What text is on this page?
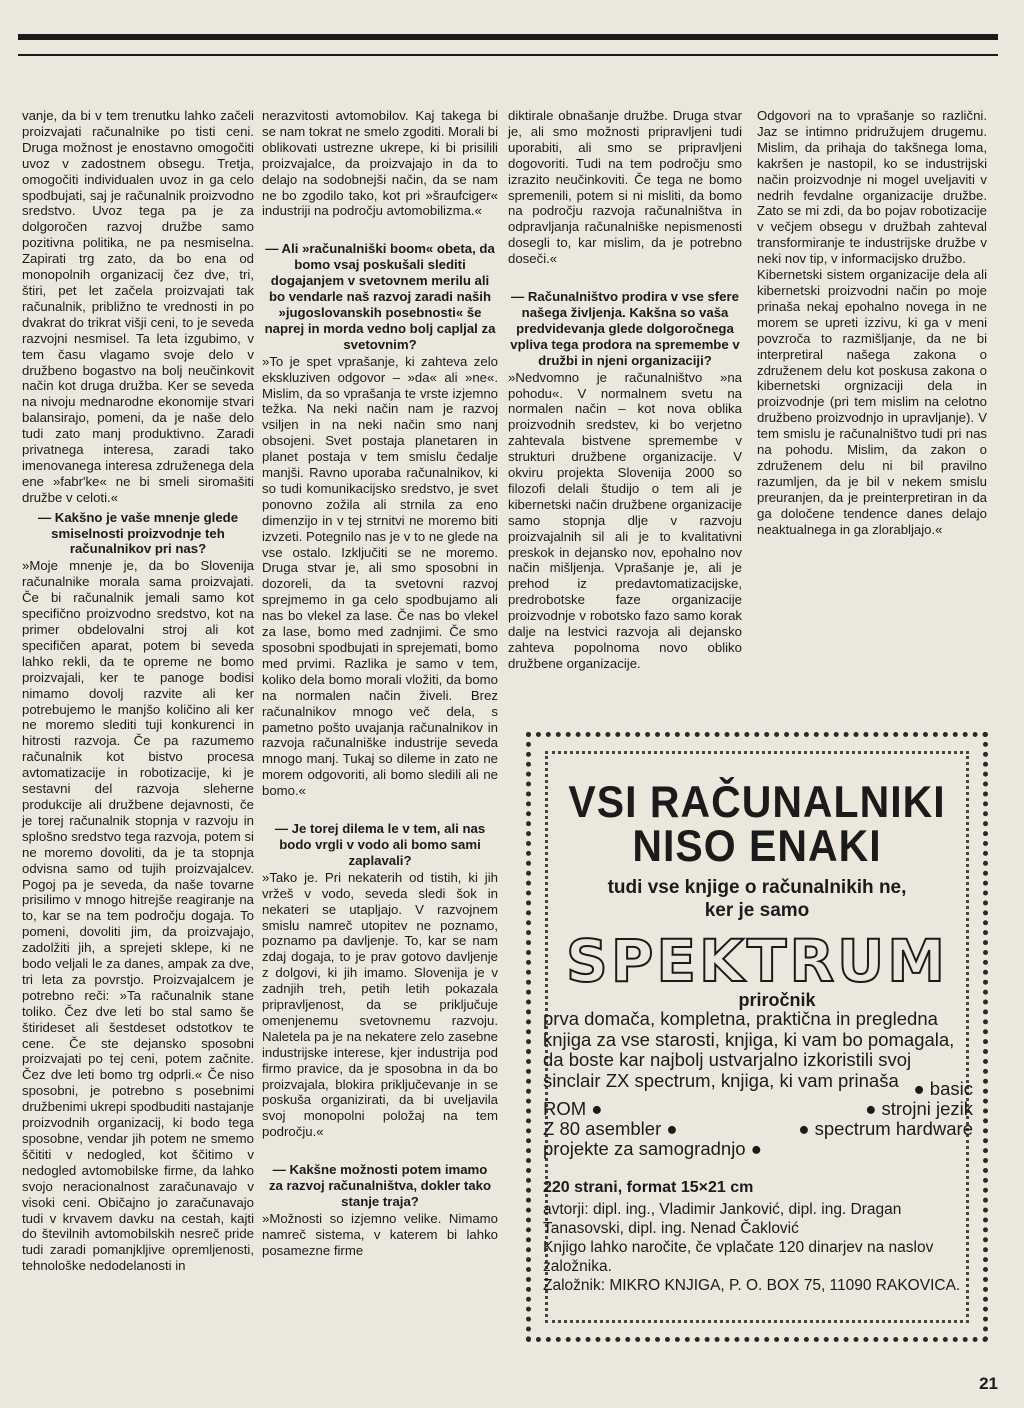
vanje, da bi v tem trenutku lahko začeli proizvajati računalnike po tisti ceni. Druga možnost je enostavno omogočiti uvoz v zadostnem obsegu. Tretja, omogočiti individualen uvoz in ga celo spodbujati, saj je računalnik proizvodno sredstvo. Uvoz tega pa je za dolgoročen razvoj družbe samo pozitivna politika, ne pa nesmiselna. Zapirati trg zato, da bo ena od monopolnih organizacij čez dve, tri, štiri, pet let začela proizvajati tak računalnik, približno te vrednosti in po dvakrat do trikrat višji ceni, to je seveda razvojni nesmisel. Ta leta izgubimo, v tem času vlagamo svoje delo v družbeno bogastvo na bolj neučinkovit način kot druga družba. Ker se seveda na nivoju mednarodne ekonomije stvari balansirajo, pomeni, da je naše delo tudi zato manj produktivno. Zaradi privatnega interesa, zaradi tako imenovanega interesa združenega dela ene »fabr'ke« ne bi smeli siromašiti družbe v celoti.«

— Kakšno je vaše mnenje glede smiselnosti proizvodnje teh računalnikov pri nas?

»Moje mnenje je, da bo Slovenija računalnike morala sama proizvajati. Če bi računalnik jemali samo kot specifično proizvodno sredstvo, kot na primer obdelovalni stroj ali kot specifičen aparat, potem bi seveda lahko rekli, da te opreme ne bomo proizvajali, ker te panoge bodisi nimamo dovolj razvite ali ker potrebujemo le manjšo količino ali ker ne moremo slediti tuji konkurenci in hitrosti razvoja. Če pa razumemo računalnik kot bistvo procesa avtomatizacije in robotizacije, ki je sestavni del razvoja sleherne produkcije ali družbene dejavnosti, če je torej računalnik stopnja v razvoju in splošno sredstvo tega razvoja, potem si ne moremo dovoliti, da je ta stopnja odvisna samo od tujih proizvajalcev. Pogoj pa je seveda, da naše tovarne prisilimo v mnogo hitrejše reagiranje na to, kar se na tem področju dogaja. To pomeni, dovoliti jim, da proizvajajo, zadolžiti jih, a sprejeti sklepe, ki ne bodo veljali le za danes, ampak za dve, tri leta za povrstjo. Proizvajalcem je potrebno reči: »Ta računalnik stane toliko. Čez dve leti bo stal samo še štirideset ali šestdeset odstotkov te cene. Če ste dejansko sposobni proizvajati po tej ceni, potem začnite. Čez dve leti bomo trg odprli.« Če niso sposobni, je potrebno s posebnimi družbenimi ukrepi spodbuditi nastajanje proizvodnih organizacij, ki bodo tega sposobne, vendar jih potem ne smemo ščititi v nedogled, kot ščitimo v nedogled avtomobilske firme, da lahko svojo neracionalnost zaračunavajo v visoki ceni. Običajno jo zaračunavajo tudi v krvavem davku na cestah, kajti do številnih avtomobilskih nesreč pride tudi zaradi pomanjkljive opremljenosti, tehnološke nedodelanosti in

nerazvitosti avtomobilov. Kaj takega bi se nam tokrat ne smelo zgoditi. Morali bi oblikovati ustrezne ukrepe, ki bi prisilili proizvajalce, da proizvajajo in da to delajo na sodobnejši način, da se nam ne bo zgodilo tako, kot pri »šraufciger« industriji na področju avtomobilizma.«

— Ali »računalniški boom« obeta, da bomo vsaj poskušali slediti dogajanjem v svetovnem merilu ali bo vendarle naš razvoj zaradi naših »jugoslovanskih posebnosti« še naprej in morda vedno bolj capljal za svetovnim?

»To je spet vprašanje, ki zahteva zelo ekskluziven odgovor – »da« ali »ne«. Mislim, da so vprašanja te vrste izjemno težka. Na neki način nam je razvoj vsiljen in na neki način smo nanj obsojeni. Svet postaja planetaren in planet postaja v tem smislu čedalje manjši. Ravno uporaba računalnikov, ki so tudi komunikacijsko sredstvo, je svet ponovno zožila ali strnila za eno dimenzijo in v tej strnitvi ne moremo biti izvzeti. Potegnilo nas je v to ne glede na vse ostalo. Izključiti se ne moremo. Druga stvar je, ali smo sposobni in dozoreli, da ta svetovni razvoj sprejmemo in ga celo spodbujamo ali nas bo vlekel za lase. Če nas bo vlekel za lase, bomo med zadnjimi. Če smo sposobni spodbujati in sprejemati, bomo med prvimi. Razlika je samo v tem, koliko dela bomo morali vložiti, da bomo na normalen način živeli. Brez računalnikov mnogo več dela, s pametno pošto uvajanja računalnikov in razvoja računalniške industrije seveda mnogo manj. Tukaj so dileme in zato ne morem odgovoriti, ali bomo sledili ali ne bomo.«

— Je torej dilema le v tem, ali nas bodo vrgli v vodo ali bomo sami zaplavali?

»Tako je. Pri nekaterih od tistih, ki jih vržeš v vodo, seveda sledi šok in nekateri se utapljajo. V razvojnem smislu namreč utopitev ne poznamo, poznamo pa davljenje. To, kar se nam zdaj dogaja, to je prav gotovo davljenje z dolgovi, ki jih imamo. Slovenija je v zadnjih treh, petih letih pokazala pripravljenost, da se priključuje omenjenemu svetovnemu razvoju. Naletela pa je na nekatere zelo zasebne industrijske interese, kjer industrija pod firmo pravice, da je sposobna in da bo proizvajala, blokira priključevanje in se poskuša organizirati, da bi uveljavila svoj monopolni položaj na tem področju.«

— Kakšne možnosti potem imamo za razvoj računalništva, dokler tako stanje traja?

»Možnosti so izjemno velike. Nimamo namreč sistema, v katerem bi lahko posamezne firme

diktirale obnašanje družbe. Druga stvar je, ali smo možnosti pripravljeni tudi uporabiti, ali smo se pripravljeni dogovoriti. Tudi na tem področju smo izrazito neučinkoviti. Če tega ne bomo spremenili, potem si ni misliti, da bomo na področju razvoja računalništva in odpravljanja računalniške nepismenosti dosegli to, kar mislim, da je potrebno doseči.«

— Računalništvo prodira v vse sfere našega življenja. Kakšna so vaša predvidevanja glede dolgoročnega vpliva tega prodora na spremembe v družbi in njeni organizaciji?

»Nedvomno je računalništvo »na pohodu«. V normalnem svetu na normalen način – kot nova oblika proizvodnih sredstev, ki bo verjetno zahtevala bistvene spremembe v strukturi družbene organizacije. V okviru projekta Slovenija 2000 so filozofi delali študijo o tem ali je kibernetski način družbene organizacije samo stopnja dlje v razvoju proizvajalnih sil ali je to kvalitativni preskok in dejansko nov, epohalno nov način mišljenja. Vprašanje je, ali je prehod iz predavtomatizacijske, predrobotske faze organizacije proizvodnje v robotsko fazo samo korak dalje na lestvici razvoja ali dejansko zahteva popolnoma novo obliko družbene organizacije.

Odgovori na to vprašanje so različni. Jaz se intimno pridružujem drugemu. Mislim, da prihaja do takšnega loma, kakršen je nastopil, ko se industrijski način proizvodnje ni mogel uveljaviti v nedrih fevdalne organizacije družbe. Zato se mi zdi, da bo pojav robotizacije v večjem obsegu v družbah zahteval transformiranje te industrijske družbe v neki nov tip, v informacijsko družbo.

Kibernetski sistem organizacije dela ali kibernetski proizvodni način po moje prinaša nekaj epohalno novega in ne morem se upreti izzivu, ki ga v meni povzroča to razmišljanje, da ne bi interpretiral našega zakona o združenem delu kot poskusa zakona o kibernetski orgnizaciji dela in proizvodnje (pri tem mislim na celotno družbeno proizvodnjo in upravljanje). V tem smislu je računalništvo tudi pri nas na pohodu. Mislim, da zakon o združenem delu ni bil pravilno razumljen, da je bil v nekem smislu preuranjen, da je preinterpretiran in da ga določene tendence danes delajo neaktualnega in ga zlorabljajo.«

VSI RAČUNALNIKI
NISO ENAKI
tudi vse knjige o računalnikih ne,
ker je samo
SPEKTRUM
priročnik
prva domača, kompletna, praktična in pregledna knjiga za vse starosti, knjiga, ki vam bo pomagala, da boste kar najbolj ustvarjalno izkoristili svoj sinclair ZX spectrum, knjiga, ki vam prinaša ● basic
ROM ●	● strojni jezik
Z 80 asembler ●	● spectrum hardware
projekte za samogradnjo ●
220 strani, format 15×21 cm
avtorji: dipl. ing., Vladimir Janković, dipl. ing. Dragan Tanasovski, dipl. ing. Nenad Čaklović
Knjigo lahko naročite, če vplačate 120 dinarjev na naslov založnika.
Založnik: MIKRO KNJIGA, P. O. BOX 75, 11090 RAKOVICA.
21
